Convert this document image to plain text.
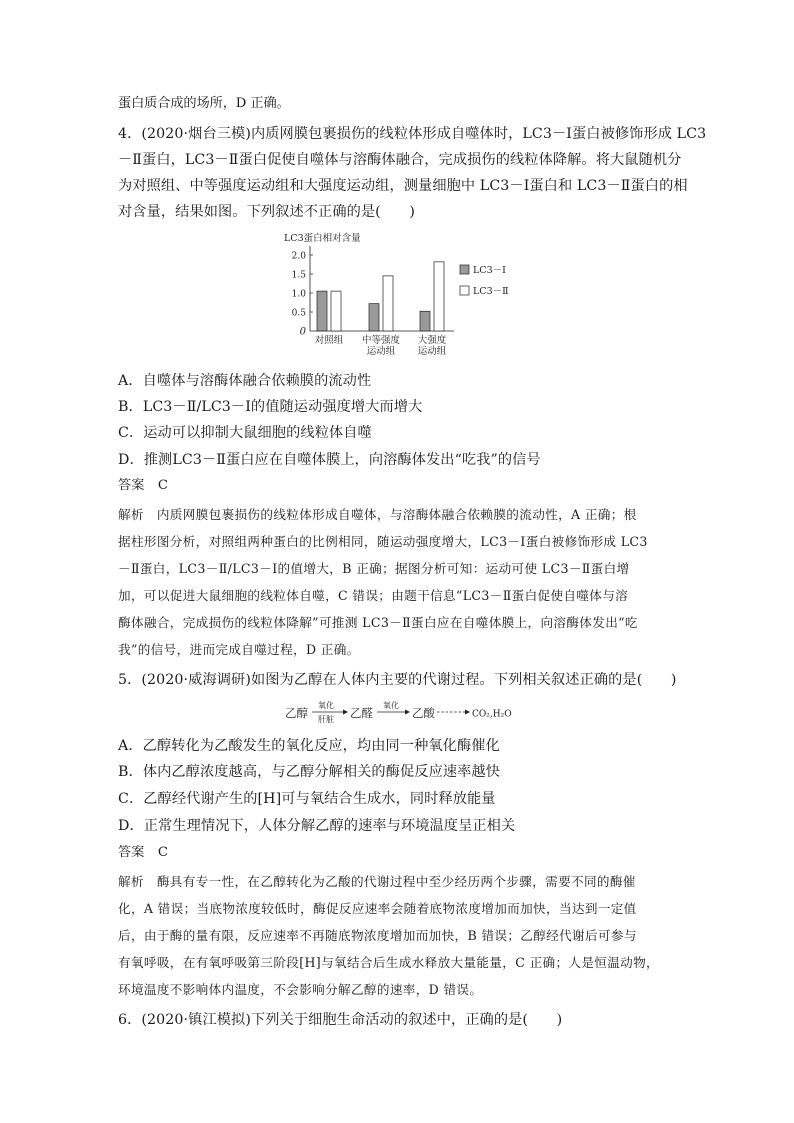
蛋白质合成的场所，D 正确。
4．(2020·烟台三模)内质网膜包裹损伤的线粒体形成自噬体时，LC3－Ⅰ蛋白被修饰形成 LC3
－Ⅱ蛋白，LC3－Ⅱ蛋白促使自噬体与溶酶体融合，完成损伤的线粒体降解。将大鼠随机分
为对照组、中等强度运动组和大强度运动组，测量细胞中 LC3－Ⅰ蛋白和 LC3－Ⅱ蛋白的相
对含量，结果如图。下列叙述不正确的是(　　)
LC3蛋白相对含量
2.0
1.5
1.0
0.5
0
对照组 中等强度
运动组
大强度
运动组
LC3－Ⅰ
LC3－Ⅱ
A．自噬体与溶酶体融合依赖膜的流动性
B．LC3－Ⅱ/LC3－Ⅰ的值随运动强度增大而增大
C．运动可以抑制大鼠细胞的线粒体自噬
D．推测LC3－Ⅱ蛋白应在自噬体膜上，向溶酶体发出“吃我”的信号
答案　C
解析　内质网膜包裹损伤的线粒体形成自噬体，与溶酶体融合依赖膜的流动性，A 正确；根
据柱形图分析，对照组两种蛋白的比例相同，随运动强度增大，LC3－Ⅰ蛋白被修饰形成 LC3
－Ⅱ蛋白，LC3－Ⅱ/LC3－Ⅰ的值增大，B 正确；据图分析可知：运动可使 LC3－Ⅱ蛋白增
加，可以促进大鼠细胞的线粒体自噬，C 错误；由题干信息“LC3－Ⅱ蛋白促使自噬体与溶
酶体融合，完成损伤的线粒体降解”可推测 LC3－Ⅱ蛋白应在自噬体膜上，向溶酶体发出“吃
我”的信号，进而完成自噬过程，D 正确。
5．(2020·威海调研)如图为乙醇在人体内主要的代谢过程。下列相关叙述正确的是(　　)
乙醇
氧化
肝脏 乙醛
氧化
乙酸	CO₂,H₂O
A．乙醇转化为乙酸发生的氧化反应，均由同一种氧化酶催化
B．体内乙醇浓度越高，与乙醇分解相关的酶促反应速率越快
C．乙醇经代谢产生的[H]可与氧结合生成水，同时释放能量
D．正常生理情况下，人体分解乙醇的速率与环境温度呈正相关
答案　C
解析　酶具有专一性，在乙醇转化为乙酸的代谢过程中至少经历两个步骤，需要不同的酶催
化，A 错误；当底物浓度较低时，酶促反应速率会随着底物浓度增加而加快，当达到一定值
后，由于酶的量有限，反应速率不再随底物浓度增加而加快，B 错误；乙醇经代谢后可参与
有氧呼吸，在有氧呼吸第三阶段[H]与氧结合后生成水释放大量能量，C 正确；人是恒温动物，
环境温度不影响体内温度，不会影响分解乙醇的速率，D 错误。
6．(2020·镇江模拟)下列关于细胞生命活动的叙述中，正确的是(　　)
